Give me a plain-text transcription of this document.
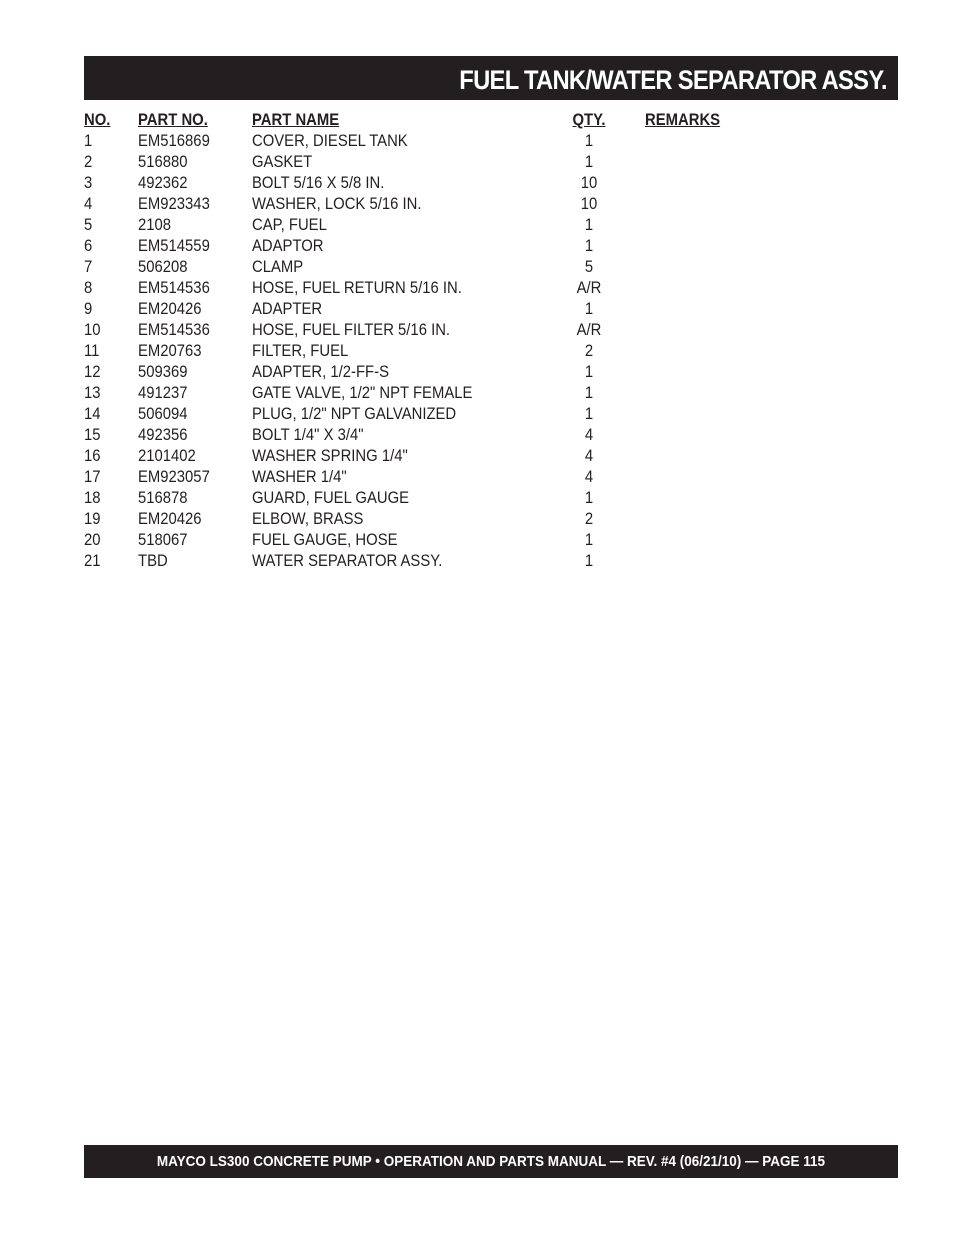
FUEL TANK/WATER SEPARATOR ASSY.
NO. PART NO.	PART NAME	QTY.	REMARKS
1	EM516869	COVER, DIESEL TANK	1
2	516880	GASKET	1
3	492362	BOLT 5/16 X 5/8 IN.	10
4	EM923343	WASHER, LOCK 5/16 IN.	10
5	2108	CAP, FUEL	1
6	EM514559	ADAPTOR	1
7	506208	CLAMP	5
8	EM514536	HOSE, FUEL RETURN 5/16 IN.	A/R
9	EM20426	ADAPTER	1
10 EM514536	HOSE, FUEL FILTER 5/16 IN.	A/R
11 EM20763	FILTER, FUEL	2
12 509369	ADAPTER, 1/2-FF-S	1
13 491237	GATE VALVE, 1/2" NPT FEMALE	1
14 506094	PLUG, 1/2" NPT GALVANIZED	1
15 492356	BOLT 1/4" X 3/4"	4
16 2101402	WASHER SPRING 1/4"	4
17 EM923057	WASHER 1/4"	4
18 516878	GUARD, FUEL GAUGE	1
19 EM20426	ELBOW, BRASS	2
20 518067	FUEL GAUGE, HOSE	1
21 TBD	WATER SEPARATOR ASSY.	1
MAYCO LS300 CONCRETE PUMP • OPERATION AND PARTS MANUAL — REV. #4 (06/21/10) — PAGE 115
